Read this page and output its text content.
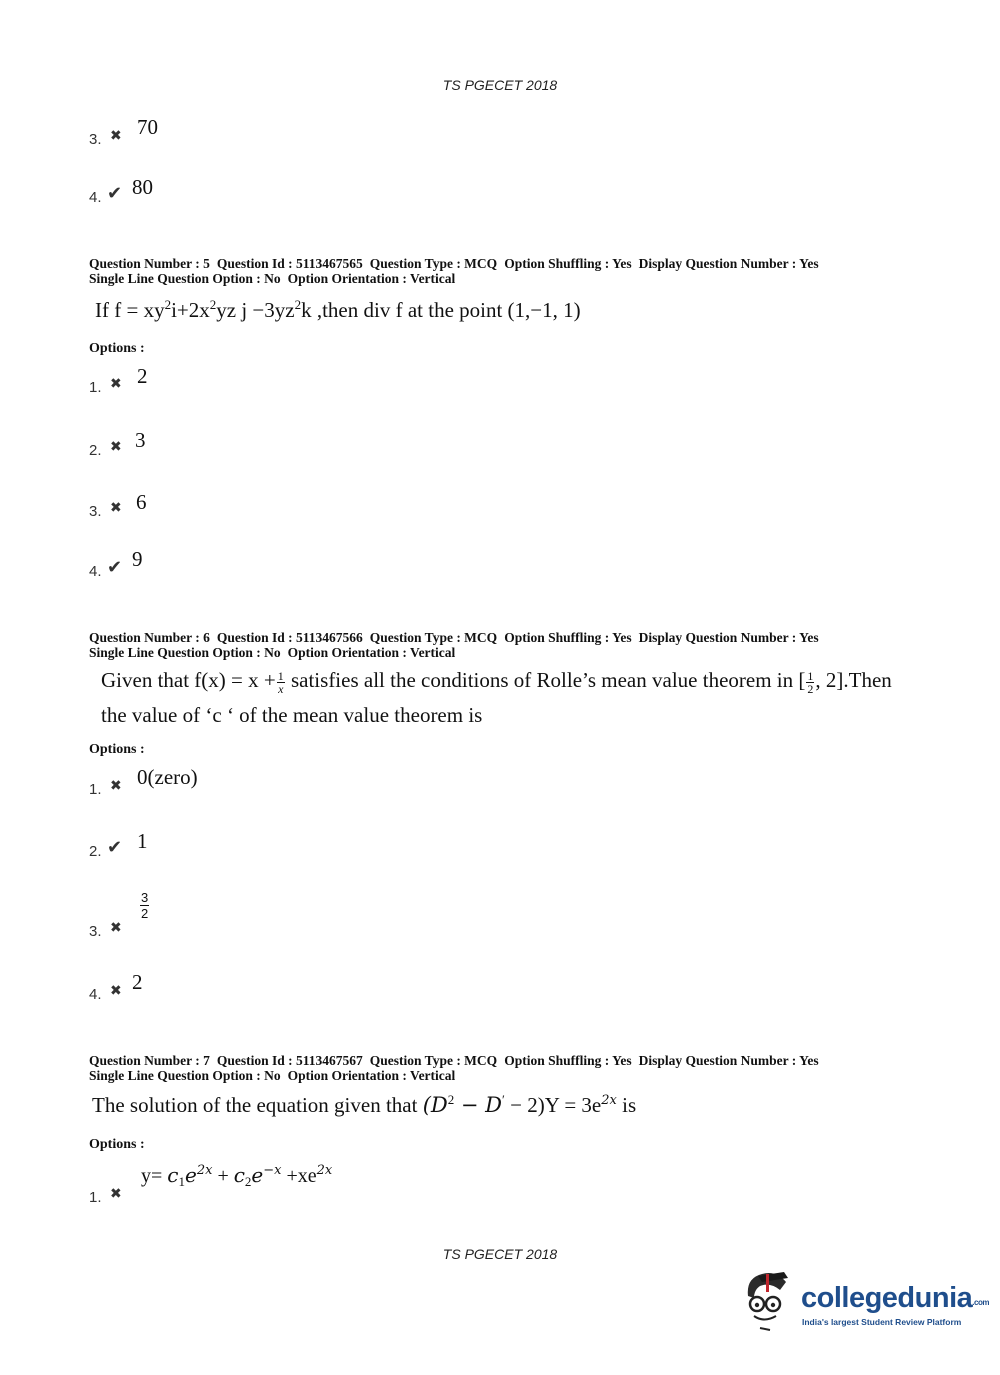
TS PGECET 2018
3. ✖ 70
4. ✔ 80
Question Number : 5 Question Id : 5113467565 Question Type : MCQ Option Shuffling : Yes Display Question Number : Yes
Single Line Question Option : No Option Orientation : Vertical
If $f = xy^2i+2x^2yz$ $j -3yz^2k$ ,then div f at the point (1,−1, 1)
Options :
1. ✖ 2
2. ✖ 3
3. ✖ 6
4. ✔ 9
Question Number : 6 Question Id : 5113467566 Question Type : MCQ Option Shuffling : Yes Display Question Number : Yes
Single Line Question Option : No Option Orientation : Vertical
Given that $f(x) = x + \frac{1}{x}$ satisfies all the conditions of Rolle’s mean value theorem in [ $\frac{1}{2}$ , 2].Then
the value of ‘c ‘ of the mean value theorem is
Options :
1. ✖ 0(zero)
2. ✔ 1
3. ✖
3
2
4. ✖ 2
Question Number : 7 Question Id : 5113467567 Question Type : MCQ Option Shuffling : Yes Display Question Number : Yes
Single Line Question Option : No Option Orientation : Vertical
The solution of the equation given that $(D^2 - D' - 2)Y = 3e^{2x}$ is
Options :
1. ✖
$y= c_1e^{2x} + c_2e^{-x} +xe^{2x}$
TS PGECET 2018
collegedunia.com
India's largest Student Review Platform
